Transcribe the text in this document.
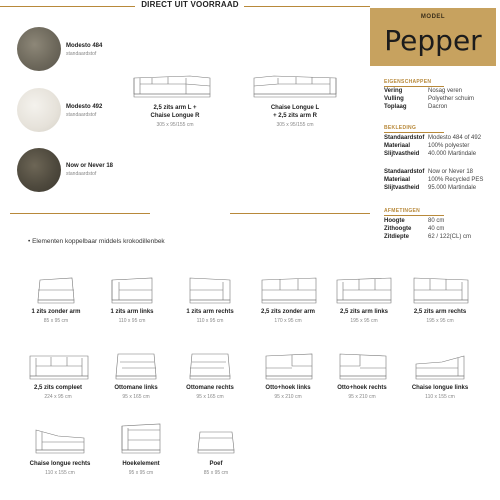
DIRECT UIT VOORRAAD
Modesto 484
standaardstof
Modesto 492
standaardstof
Now or Never 18
standaardstof
2,5 zits arm L +
Chaise Longue R
305 x 95/155 cm
Chaise Longue L
+ 2,5 zits arm R
305 x 95/155 cm
MODEL
Pepper
EIGENSCHAPPEN
Vering	Nosag veren
Vulling	Polyether schuim
Toplaag	Dacron
BEKLEDING
Standaardstof Modesto 484 of 492
Materiaal	100% polyester
Slijtvastheid 40.000 Martindale
Standaardstof Now or Never 18
Materiaal	100% Recycled PES
Slijtvastheid 95.000 Martindale
AFMETINGEN
Hoogte	80 cm
Zithoogte	40 cm
Zitdiepte	62 / 122(CL) cm
• Elementen koppelbaar middels krokodillenbek
1 zits zonder arm
85 x 95 cm
1 zits arm links
110 x 95 cm
1 zits arm rechts
110 x 95 cm
2,5 zits zonder arm
170 x 95 cm
2,5 zits arm links
195 x 95 cm
2,5 zits arm rechts
195 x 95 cm
2,5 zits compleet
224 x 95 cm
Ottomane links
95 x 165 cm
Ottomane rechts
95 x 165 cm
Otto+hoek links
95 x 210 cm
Otto+hoek rechts
95 x 210 cm
Chaise longue links
110 x 155 cm
Chaise longue rechts
110 x 155 cm
Hoekelement
95 x 95 cm
Poef
85 x 95 cm
